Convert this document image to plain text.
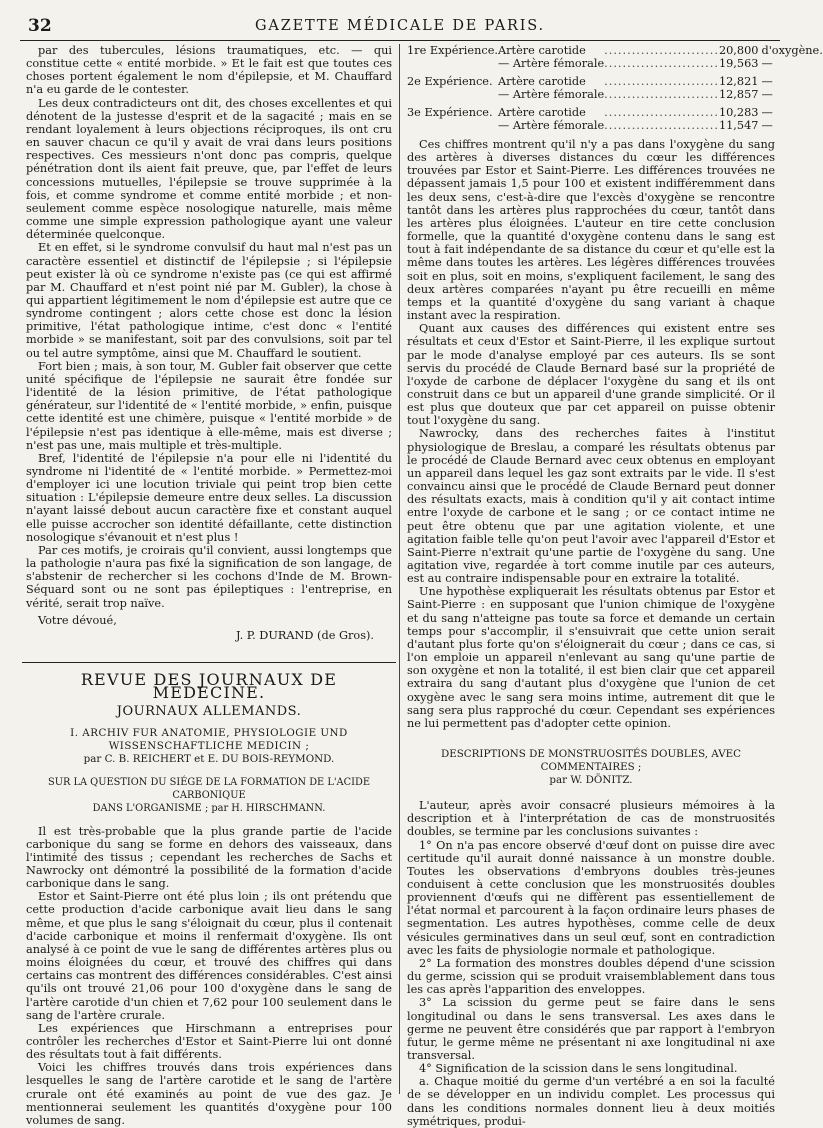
32	GAZETTE MÉDICALE DE PARIS.

par des tubercules, lésions traumatiques, etc. — qui constitue cette « entité morbide. » Et le fait est que toutes ces choses portent également le nom d'épilepsie, et M. Chauffard n'a eu garde de le contester.

Les deux contradicteurs ont dit, des choses excellentes et qui dénotent de la justesse d'esprit et de la sagacité ; mais en se rendant loyalement à leurs objections réciproques, ils ont cru en sauver chacun ce qu'il y avait de vrai dans leurs positions respectives. Ces messieurs n'ont donc pas compris, quelque pénétration dont ils aient fait preuve, que, par l'effet de leurs concessions mutuelles, l'épilepsie se trouve supprimée à la fois, et comme syndrome et comme entité morbide ; et non-seulement comme espèce nosologique naturelle, mais même comme une simple expression pathologique ayant une valeur déterminée quelconque.

Et en effet, si le syndrome convulsif du haut mal n'est pas un caractère essentiel et distinctif de l'épilepsie ; si l'épilepsie peut exister là où ce syndrome n'existe pas (ce qui est affirmé par M. Chauffard et n'est point nié par M. Gubler), la chose à qui appartient légitimement le nom d'épilepsie est autre que ce syndrome contingent ; alors cette chose est donc la lésion primitive, l'état pathologique intime, c'est donc « l'entité morbide » se manifestant, soit par des convulsions, soit par tel ou tel autre symptôme, ainsi que M. Chauffard le soutient.

Fort bien ; mais, à son tour, M. Gubler fait observer que cette unité spécifique de l'épilepsie ne saurait être fondée sur l'identité de la lésion primitive, de l'état pathologique générateur, sur l'identité de « l'entité morbide, » enfin, puisque cette identité est une chimère, puisque « l'entité morbide » de l'épilepsie n'est pas identique à elle-même, mais est diverse ; n'est pas une, mais multiple et très-multiple.

Bref, l'identité de l'épilepsie n'a pour elle ni l'identité du syndrome ni l'identité de « l'entité morbide. » Permettez-moi d'employer ici une locution triviale qui peint trop bien cette situation : L'épilepsie demeure entre deux selles. La discussion n'ayant laissé debout aucun caractère fixe et constant auquel elle puisse accrocher son identité défaillante, cette distinction nosologique s'évanouit et n'est plus !

Par ces motifs, je croirais qu'il convient, aussi longtemps que la pathologie n'aura pas fixé la signification de son langage, de s'abstenir de rechercher si les cochons d'Inde de M. Brown-Séquard sont ou ne sont pas épileptiques : l'entreprise, en vérité, serait trop naïve.

Votre dévoué,
J. P. DURAND (de Gros).
REVUE DES JOURNAUX DE MÉDECINE.
JOURNAUX ALLEMANDS.
I. ARCHIV FUR ANATOMIE, PHYSIOLOGIE UND
WISSENSCHAFTLICHE MEDICIN ;
par C. B. REICHERT et E. DU BOIS-REYMOND.
SUR LA QUESTION DU SIÉGE DE LA FORMATION DE L'ACIDE CARBONIQUE
DANS L'ORGANISME ; par H. HIRSCHMANN.

Il est très-probable que la plus grande partie de l'acide carbonique du sang se forme en dehors des vaisseaux, dans l'intimité des tissus ; cependant les recherches de Sachs et Nawrocky ont démontré la possibilité de la formation d'acide carbonique dans le sang.

Estor et Saint-Pierre ont été plus loin ; ils ont prétendu que cette production d'acide carbonique avait lieu dans le sang même, et que plus le sang s'éloignait du cœur, plus il contenait d'acide carbonique et moins il renfermait d'oxygène. Ils ont analysé à ce point de vue le sang de différentes artères plus ou moins éloignées du cœur, et trouvé des chiffres qui dans certains cas montrent des différences considérables. C'est ainsi qu'ils ont trouvé 21,06 pour 100 d'oxygène dans le sang de l'artère carotide d'un chien et 7,62 pour 100 seulement dans le sang de l'artère crurale.

Les expériences que Hirschmann a entreprises pour contrôler les recherches d'Estor et Saint-Pierre lui ont donné des résultats tout à fait différents.

Voici les chiffres trouvés dans trois expériences dans lesquelles le sang de l'artère carotide et le sang de l'artère crurale ont été examinés au point de vue des gaz. Je mentionnerai seulement les quantités d'oxygène pour 100 volumes de sang.

1re Expérience.	Artère carotide	.........................	20,800	d'oxygène.
	— Artère fémorale	.........................	19,563	—
2e Expérience.	Artère carotide	.........................	12,821	—
	— Artère fémorale	.........................	12,857	—
3e Expérience.	Artère carotide	.........................	10,283	—
	— Artère fémorale	.........................	11,547	—

Ces chiffres montrent qu'il n'y a pas dans l'oxygène du sang des artères à diverses distances du cœur les différences trouvées par Estor et Saint-Pierre. Les différences trouvées ne dépassent jamais 1,5 pour 100 et existent indifféremment dans les deux sens, c'est-à-dire que l'excès d'oxygène se rencontre tantôt dans les artères plus rapprochées du cœur, tantôt dans les artères plus éloignées. L'auteur en tire cette conclusion formelle, que la quantité d'oxygène contenu dans le sang est tout à fait indépendante de sa distance du cœur et qu'elle est la même dans toutes les artères. Les légères différences trouvées soit en plus, soit en moins, s'expliquent facilement, le sang des deux artères comparées n'ayant pu être recueilli en même temps et la quantité d'oxygène du sang variant à chaque instant avec la respiration.

Quant aux causes des différences qui existent entre ses résultats et ceux d'Estor et Saint-Pierre, il les explique surtout par le mode d'analyse employé par ces auteurs. Ils se sont servis du procédé de Claude Bernard basé sur la propriété de l'oxyde de carbone de déplacer l'oxygène du sang et ils ont construit dans ce but un appareil d'une grande simplicité. Or il est plus que douteux que par cet appareil on puisse obtenir tout l'oxygène du sang.

Nawrocky, dans des recherches faites à l'institut physiologique de Breslau, a comparé les résultats obtenus par le procédé de Claude Bernard avec ceux obtenus en employant un appareil dans lequel les gaz sont extraits par le vide. Il s'est convaincu ainsi que le procédé de Claude Bernard peut donner des résultats exacts, mais à condition qu'il y ait contact intime entre l'oxyde de carbone et le sang ; or ce contact intime ne peut être obtenu que par une agitation violente, et une agitation faible telle qu'on peut l'avoir avec l'appareil d'Estor et Saint-Pierre n'extrait qu'une partie de l'oxygène du sang. Une agitation vive, regardée à tort comme inutile par ces auteurs, est au contraire indispensable pour en extraire la totalité.

Une hypothèse expliquerait les résultats obtenus par Estor et Saint-Pierre : en supposant que l'union chimique de l'oxygène et du sang n'atteigne pas toute sa force et demande un certain temps pour s'accomplir, il s'ensuivrait que cette union serait d'autant plus forte qu'on s'éloignerait du cœur ; dans ce cas, si l'on emploie un appareil n'enlevant au sang qu'une partie de son oxygène et non la totalité, il est bien clair que cet appareil extraira du sang d'autant plus d'oxygène que l'union de cet oxygène avec le sang sera moins intime, autrement dit que le sang sera plus rapproché du cœur. Cependant ses expériences ne lui permettent pas d'adopter cette opinion.

DESCRIPTIONS DE MONSTRUOSITÉS DOUBLES, AVEC COMMENTAIRES ;
par W. DÖNITZ.

L'auteur, après avoir consacré plusieurs mémoires à la description et à l'interprétation de cas de monstruosités doubles, se termine par les conclusions suivantes :

1° On n'a pas encore observé d'œuf dont on puisse dire avec certitude qu'il aurait donné naissance à un monstre double. Toutes les observations d'embryons doubles très-jeunes conduisent à cette conclusion que les monstruosités doubles proviennent d'œufs qui ne diffèrent pas essentiellement de l'état normal et parcourent à la façon ordinaire leurs phases de segmentation. Les autres hypothèses, comme celle de deux vésicules germinatives dans un seul œuf, sont en contradiction avec les faits de physiologie normale et pathologique.

2° La formation des monstres doubles dépend d'une scission du germe, scission qui se produit vraisemblablement dans tous les cas après l'apparition des enveloppes.

3° La scission du germe peut se faire dans le sens longitudinal ou dans le sens transversal. Les axes dans le germe ne peuvent être considérés que par rapport à l'embryon futur, le germe même ne présentant ni axe longitudinal ni axe transversal.

4° Signification de la scission dans le sens longitudinal.

a. Chaque moitié du germe d'un vertébré a en soi la faculté de se développer en un individu complet. Les processus qui dans les conditions normales donnent lieu à deux moitiés symétriques, produi-
